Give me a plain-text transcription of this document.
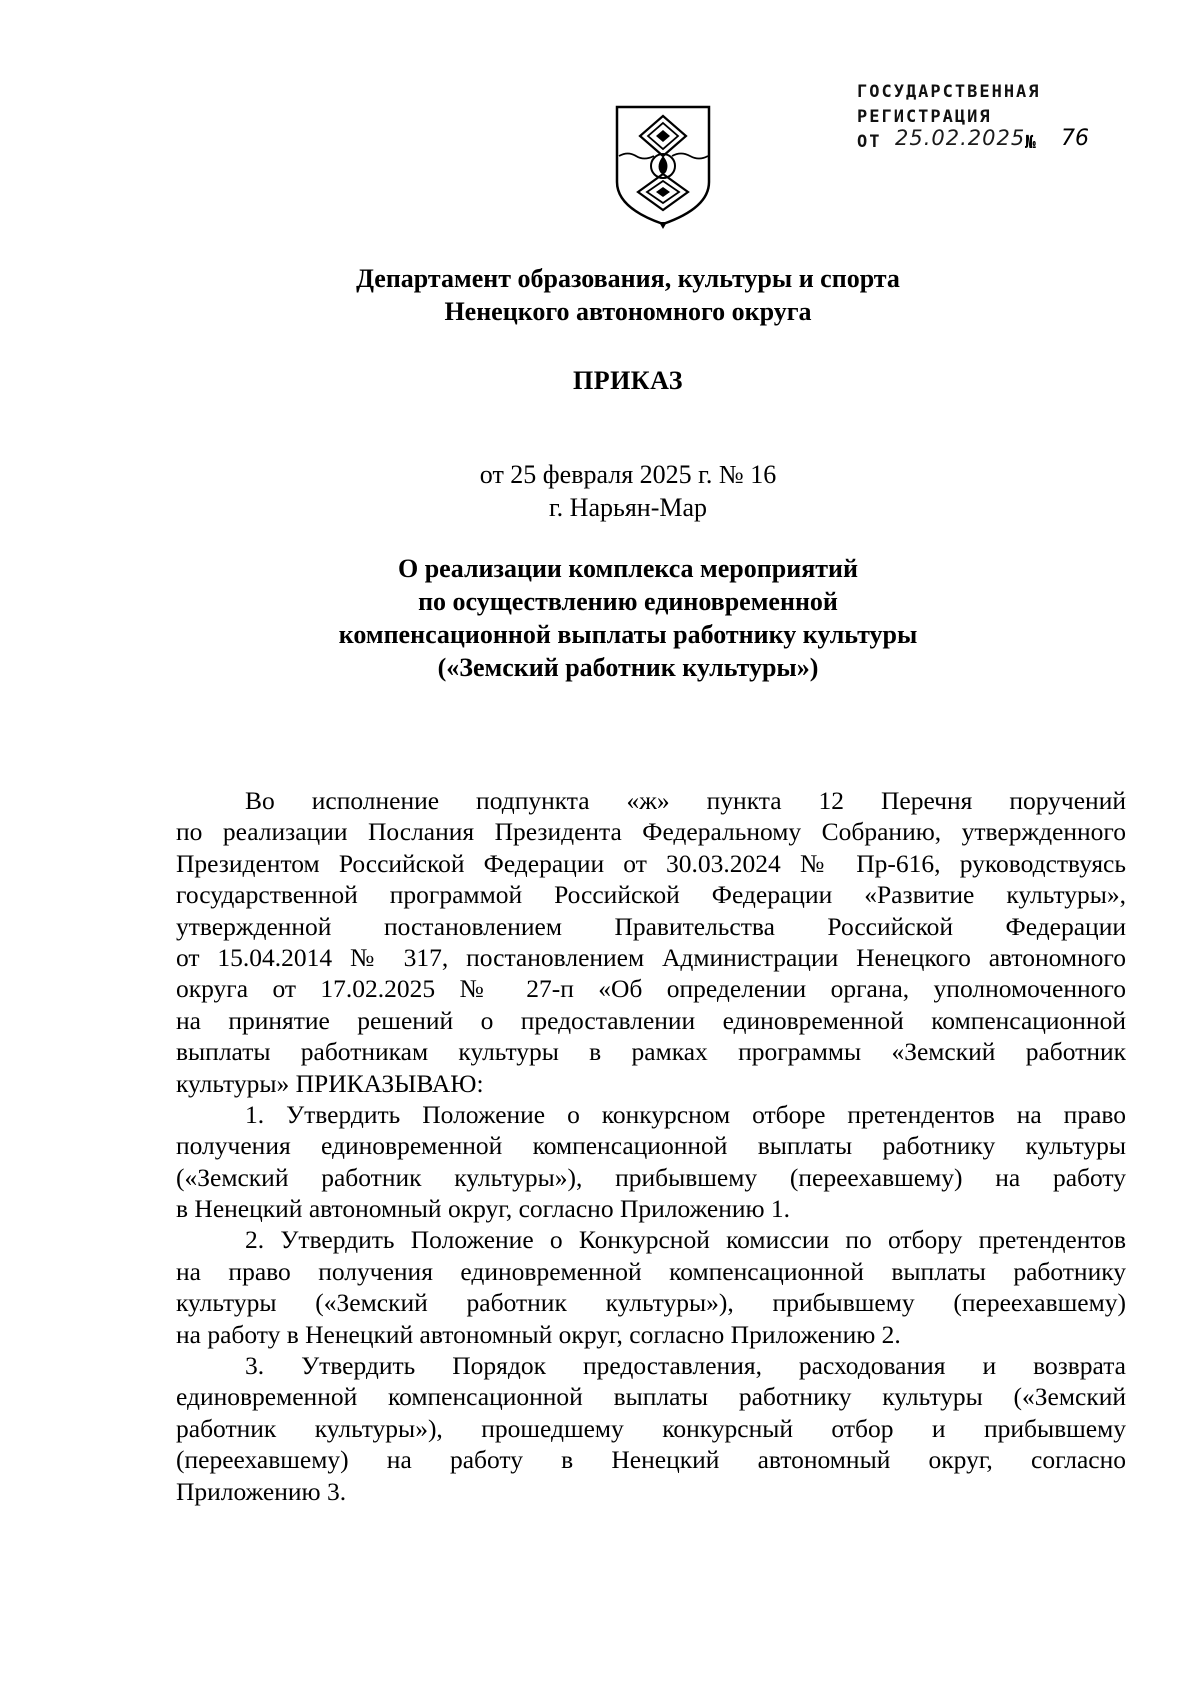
ГОСУДАРСТВЕННАЯ
РЕГИСТРАЦИЯ
ОТ 25.02.2025 № 76
Департамент образования, культуры и спорта
Ненецкого автономного округа
ПРИКАЗ
от 25 февраля 2025 г. № 16
г. Нарьян-Мар
О реализации комплекса мероприятий
по осуществлению единовременной
компенсационной выплаты работнику культуры
(«Земский работник культуры»)
Во исполнение подпункта «ж» пункта 12 Перечня поручений
по реализации Послания Президента Федеральному Собранию, утвержденного
Президентом Российской Федерации от 30.03.2024 № Пр-616, руководствуясь
государственной программой Российской Федерации «Развитие культуры»,
утвержденной постановлением Правительства Российской Федерации
от 15.04.2014 № 317, постановлением Администрации Ненецкого автономного
округа от 17.02.2025 № 27-п «Об определении органа, уполномоченного
на принятие решений о предоставлении единовременной компенсационной
выплаты работникам культуры в рамках программы «Земский работник
культуры» ПРИКАЗЫВАЮ:
1. Утвердить Положение о конкурсном отборе претендентов на право
получения единовременной компенсационной выплаты работнику культуры
(«Земский работник культуры»), прибывшему (переехавшему) на работу
в Ненецкий автономный округ, согласно Приложению 1.
2. Утвердить Положение о Конкурсной комиссии по отбору претендентов
на право получения единовременной компенсационной выплаты работнику
культуры («Земский работник культуры»), прибывшему (переехавшему)
на работу в Ненецкий автономный округ, согласно Приложению 2.
3. Утвердить Порядок предоставления, расходования и возврата
единовременной компенсационной выплаты работнику культуры («Земский
работник культуры»), прошедшему конкурсный отбор и прибывшему
(переехавшему) на работу в Ненецкий автономный округ, согласно
Приложению 3.
